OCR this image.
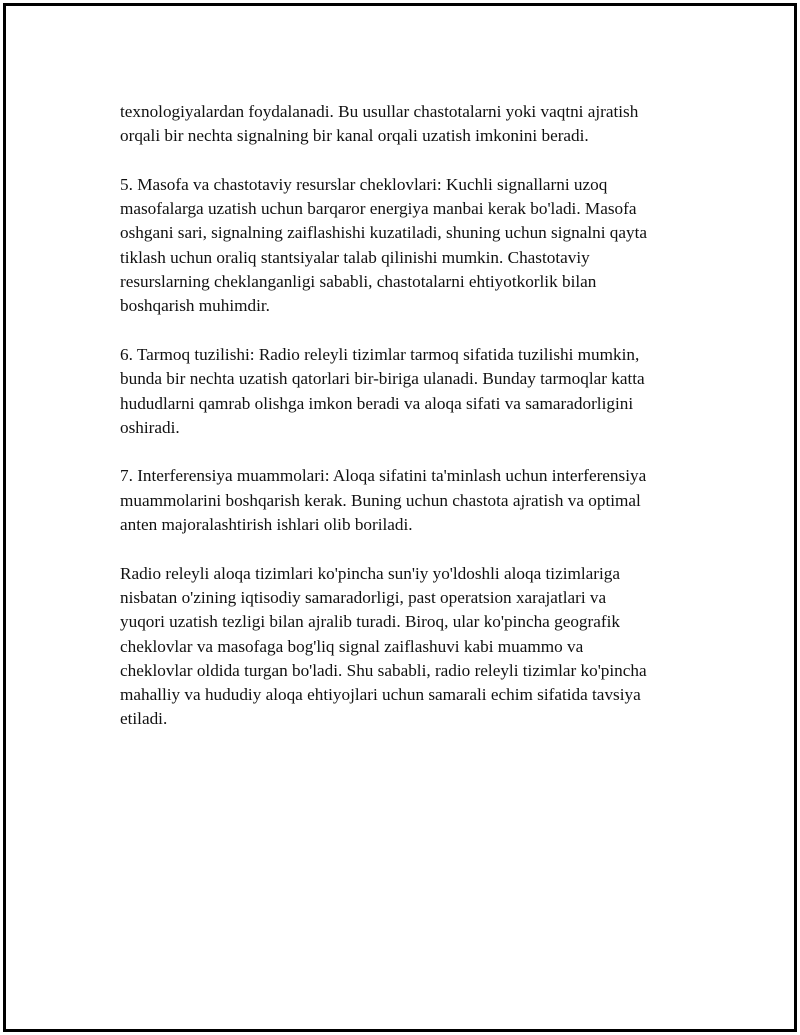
texnologiyalardan foydalanadi. Bu usullar chastotalarni yoki vaqtni ajratish
orqali bir nechta signalning bir kanal orqali uzatish imkonini beradi.

5. Masofa va chastotaviy resurslar cheklovlari: Kuchli signallarni uzoq
masofalarga uzatish uchun barqaror energiya manbai kerak bo'ladi. Masofa
oshgani sari, signalning zaiflashishi kuzatiladi, shuning uchun signalni qayta
tiklash uchun oraliq stantsiyalar talab qilinishi mumkin. Chastotaviy
resurslarning cheklanganligi sababli, chastotalarni ehtiyotkorlik bilan
boshqarish muhimdir.

6. Tarmoq tuzilishi: Radio releyli tizimlar tarmoq sifatida tuzilishi mumkin,
bunda bir nechta uzatish qatorlari bir-biriga ulanadi. Bunday tarmoqlar katta
hududlarni qamrab olishga imkon beradi va aloqa sifati va samaradorligini
oshiradi.

7. Interferensiya muammolari: Aloqa sifatini ta'minlash uchun interferensiya
muammolarini boshqarish kerak. Buning uchun chastota ajratish va optimal
anten majoralashtirish ishlari olib boriladi.

Radio releyli aloqa tizimlari ko'pincha sun'iy yo'ldoshli aloqa tizimlariga
nisbatan o'zining iqtisodiy samaradorligi, past operatsion xarajatlari va
yuqori uzatish tezligi bilan ajralib turadi. Biroq, ular ko'pincha geografik
cheklovlar va masofaga bog'liq signal zaiflashuvi kabi muammo va
cheklovlar oldida turgan bo'ladi. Shu sababli, radio releyli tizimlar ko'pincha
mahalliy va hududiy aloqa ehtiyojlari uchun samarali echim sifatida tavsiya
etiladi.
